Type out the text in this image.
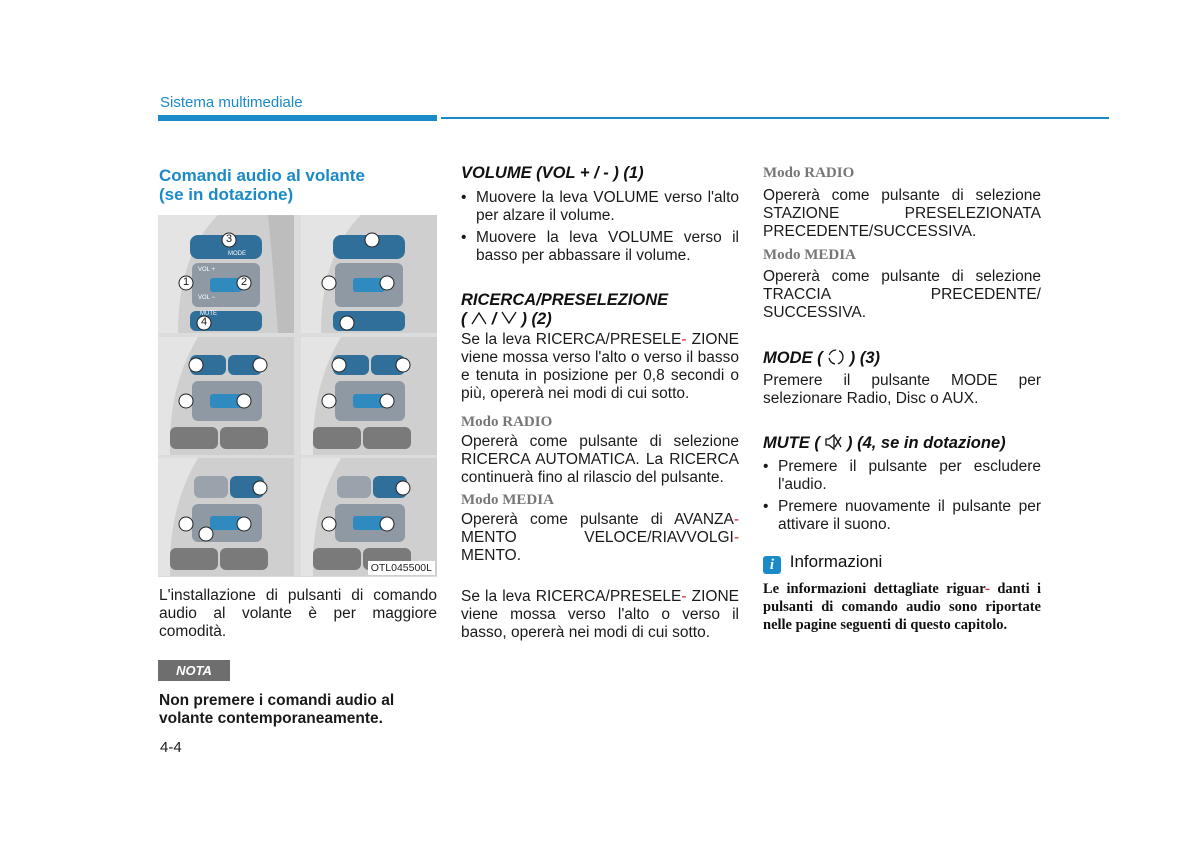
Sistema multimediale
Comandi audio al volante
(se in dotazione)
3
1	2
4
MODE
MUTE
VOL +
VOL −
OTL045500L
L'installazione di pulsanti di comando audio al volante è per maggiore comodità.
NOTA
Non premere i comandi audio al volante contemporaneamente.
4-4
VOLUME (VOL + / - ) (1)
• Muovere la leva VOLUME verso l'alto per alzare il volume.
• Muovere la leva VOLUME verso il basso per abbassare il volume.
RICERCA/PRESELEZIONE
( / ) (2)
Se la leva RICERCA/PRESELE- ZIONE viene mossa verso l'alto o verso il basso e tenuta in posizione per 0,8 secondi o più, opererà nei modi di cui sotto.
Modo RADIO
Opererà come pulsante di selezione RICERCA AUTOMATICA. La RICERCA continuerà fino al rilascio del pulsante.
Modo MEDIA
Opererà come pulsante di AVANZA-
MENTO VELOCE/RIAVVOLGI-
MENTO.
Se la leva RICERCA/PRESELE- ZIONE viene mossa verso l'alto o verso il basso, opererà nei modi di cui sotto.
Modo RADIO
Opererà come pulsante di selezione STAZIONE PRESELEZIONATA PRECEDENTE/SUCCESSIVA.
Modo MEDIA
Opererà come pulsante di selezione TRACCIA PRECEDENTE/ SUCCESSIVA.
MODE ( ) (3)
Premere il pulsante MODE per selezionare Radio, Disc o AUX.
MUTE ( ) (4, se in dotazione)
• Premere il pulsante per escludere l'audio.
• Premere nuovamente il pulsante per attivare il suono.
i Informazioni
Le informazioni dettagliate riguar- danti i pulsanti di comando audio sono riportate nelle pagine seguenti di questo capitolo.
